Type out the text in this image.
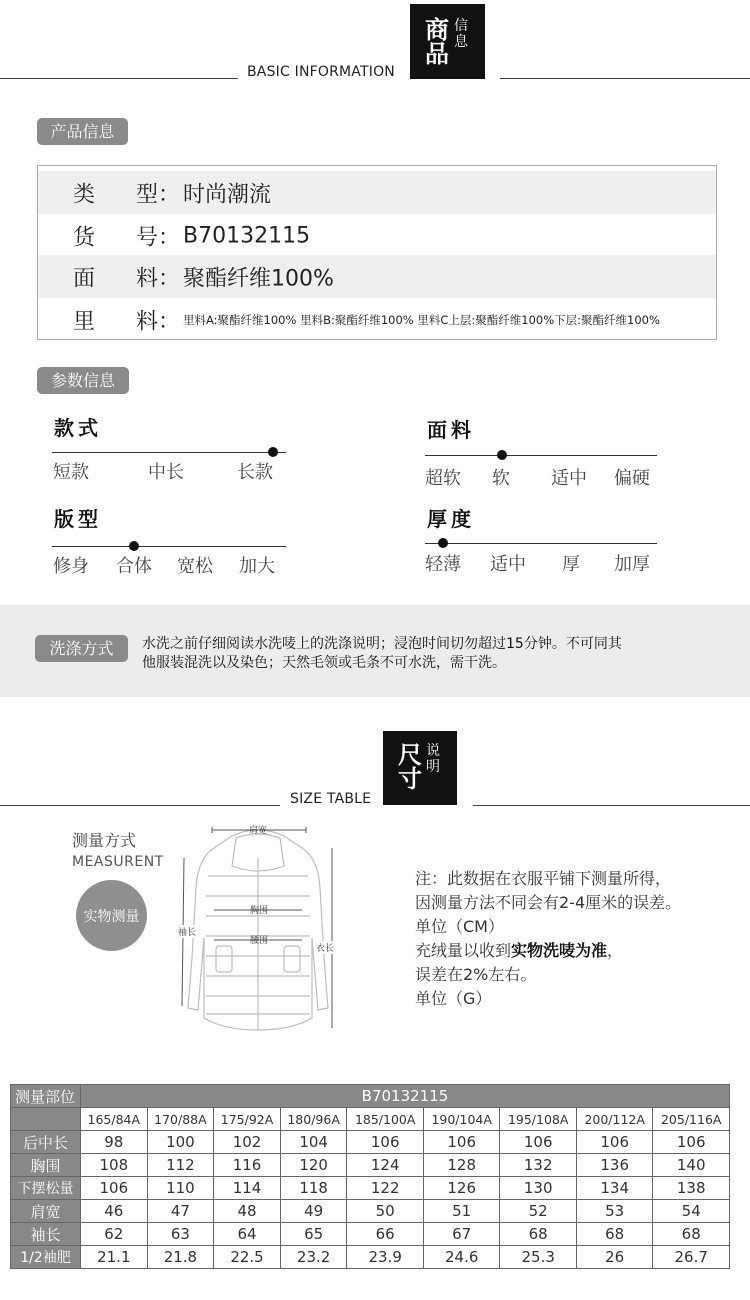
BASIC INFORMATION
商品
信息
产品信息
类 型： 时尚潮流
货 号： B70132115
面 料： 聚酯纤维100%
里 料： 里料A:聚酯纤维100% 里料B:聚酯纤维100% 里料C上层:聚酯纤维100%下层:聚酯纤维100%
参数信息
款式
短款	中长	长款
面料
超软 软 适中 偏硬
版型
修身 合体 宽松 加大
厚度
轻薄 适中 厚 加厚
洗涤方式	水洗之前仔细阅读水洗唛上的洗涤说明；浸泡时间切勿超过15分钟。不可同其
他服装混洗以及染色；天然毛领或毛条不可水洗，需干洗。
SIZE TABLE
尺寸
说明
测量方式
MEASURENT
实物测量
肩宽
胸围
腰围
袖长
衣长
注：此数据在衣服平铺下测量所得，
因测量方法不同会有2-4厘米的误差。
单位（CM）
充绒量以收到实物洗唛为准，
误差在2%左右。
单位（G）
测量部位	B70132115								
	165/84A	170/88A	175/92A	180/96A	185/100A	190/104A	195/108A	200/112A	205/116A
后中长	98	100	102	104	106	106	106	106	106
胸围	108	112	116	120	124	128	132	136	140
下摆松量	106	110	114	118	122	126	130	134	138
肩宽	46	47	48	49	50	51	52	53	54
袖长	62	63	64	65	66	67	68	68	68
1/2袖肥	21.1	21.8	22.5	23.2	23.9	24.6	25.3	26	26.7
